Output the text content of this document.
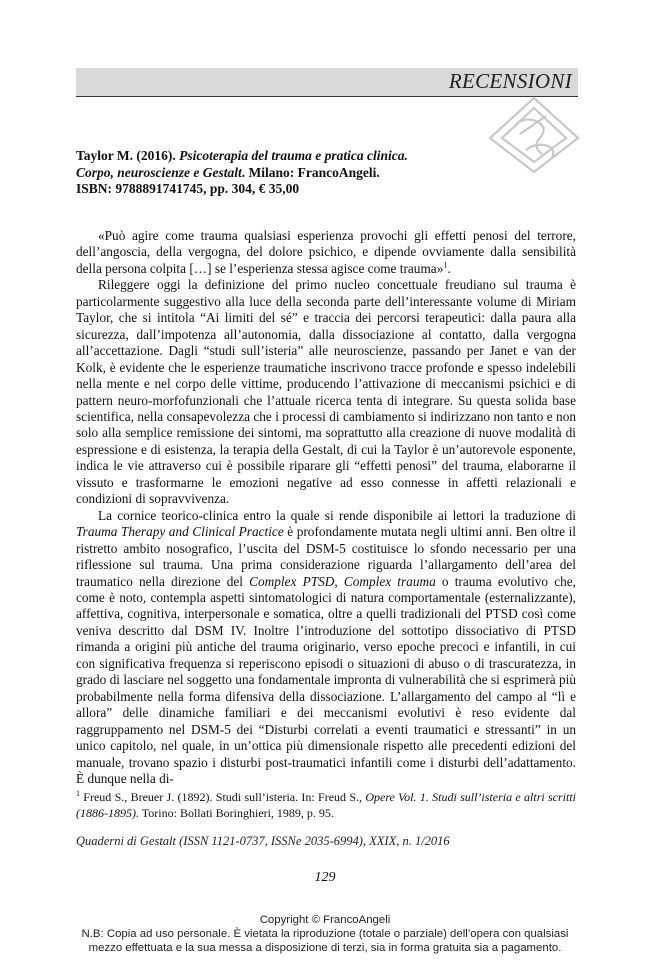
RECENSIONI
Taylor M. (2016). Psicoterapia del trauma e pratica clinica.
Corpo, neuroscienze e Gestalt. Milano: FrancoAngeli.
ISBN: 9788891741745, pp. 304, € 35,00

«Può agire come trauma qualsiasi esperienza provochi gli effetti penosi del terrore, dell’angoscia, della vergogna, del dolore psichico, e dipende ovviamente dalla sensibilità della persona colpita […] se l’esperienza stessa agisce come trauma»$^1$.

Rileggere oggi la definizione del primo nucleo concettuale freudiano sul trauma è particolarmente suggestivo alla luce della seconda parte dell’interessante volume di Miriam Taylor, che si intitola “Ai limiti del sé” e traccia dei percorsi terapeutici: dalla paura alla sicurezza, dall’impotenza all’autonomia, dalla dissociazione al contatto, dalla vergogna all’accettazione. Dagli “studi sull’isteria” alle neuroscienze, passando per Janet e van der Kolk, è evidente che le esperienze traumatiche inscrivono tracce profonde e spesso indelebili nella mente e nel corpo delle vittime, producendo l’attivazione di meccanismi psichici e di pattern neuro-morfofunzionali che l’attuale ricerca tenta di integrare. Su questa solida base scientifica, nella consapevolezza che i processi di cambiamento si indirizzano non tanto e non solo alla semplice remissione dei sintomi, ma soprattutto alla creazione di nuove modalità di espressione e di esistenza, la terapia della Gestalt, di cui la Taylor è un’autorevole esponente, indica le vie attraverso cui è possibile riparare gli “effetti penosi” del trauma, elaborarne il vissuto e trasformarne le emozioni negative ad esso connesse in affetti relazionali e condizioni di sopravvivenza.

La cornice teorico-clinica entro la quale si rende disponibile ai lettori la traduzione di Trauma Therapy and Clinical Practice è profondamente mutata negli ultimi anni. Ben oltre il ristretto ambito nosografico, l’uscita del DSM-5 costituisce lo sfondo necessario per una riflessione sul trauma. Una prima considerazione riguarda l’allargamento dell’area del traumatico nella direzione del Complex PTSD, Complex trauma o trauma evolutivo che, come è noto, contempla aspetti sintomatologici di natura comportamentale (esternalizzante), affettiva, cognitiva, interpersonale e somatica, oltre a quelli tradizionali del PTSD così come veniva descritto dal DSM IV. Inoltre l’introduzione del sottotipo dissociativo di PTSD rimanda a origini più antiche del trauma originario, verso epoche precoci e infantili, in cui con significativa frequenza si reperiscono episodi o situazioni di abuso o di trascuratezza, in grado di lasciare nel soggetto una fondamentale impronta di vulnerabilità che si esprimerà più probabilmente nella forma difensiva della dissociazione. L’allargamento del campo al “lì e allora” delle dinamiche familiari e dei meccanismi evolutivi è reso evidente dal raggruppamento nel DSM-5 dei “Disturbi correlati a eventi traumatici e stressanti” in un unico capitolo, nel quale, in un’ottica più dimensionale rispetto alle precedenti edizioni del manuale, trovano spazio i disturbi post-traumatici infantili come i disturbi dell’adattamento. È dunque nella di-

$^1$ Freud S., Breuer J. (1892). Studi sull’isteria. In: Freud S., Opere Vol. 1. Studi sull’isteria e altri scritti (1886-1895). Torino: Bollati Boringhieri, 1989, p. 95.
Quaderni di Gestalt (ISSN 1121-0737, ISSNe 2035-6994), XXIX, n. 1/2016
129
Copyright © FrancoAngeli
N.B: Copia ad uso personale. È vietata la riproduzione (totale o parziale) dell’opera con qualsiasi
mezzo effettuata e la sua messa a disposizione di terzi, sia in forma gratuita sia a pagamento.
